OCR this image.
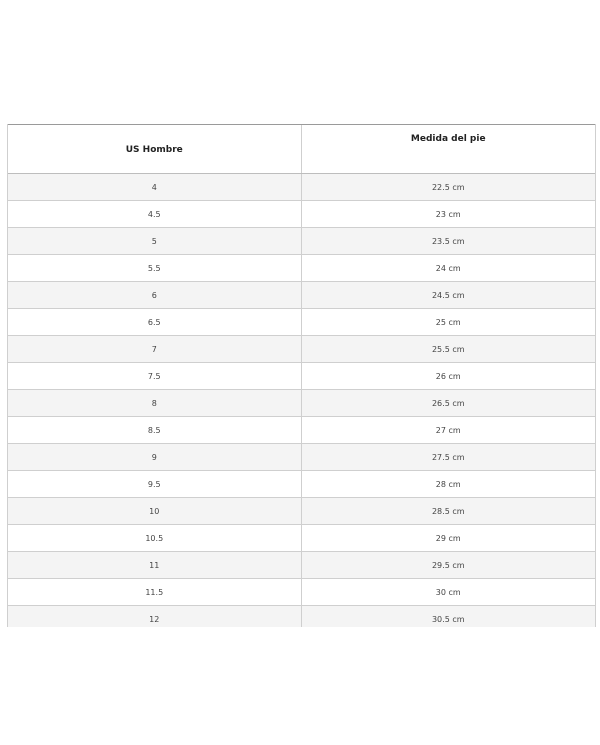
US Hombre	Medida del pie
4	22.5 cm
4.5	23 cm
5	23.5 cm
5.5	24 cm
6	24.5 cm
6.5	25 cm
7	25.5 cm
7.5	26 cm
8	26.5 cm
8.5	27 cm
9	27.5 cm
9.5	28 cm
10	28.5 cm
10.5	29 cm
11	29.5 cm
11.5	30 cm
12	30.5 cm
